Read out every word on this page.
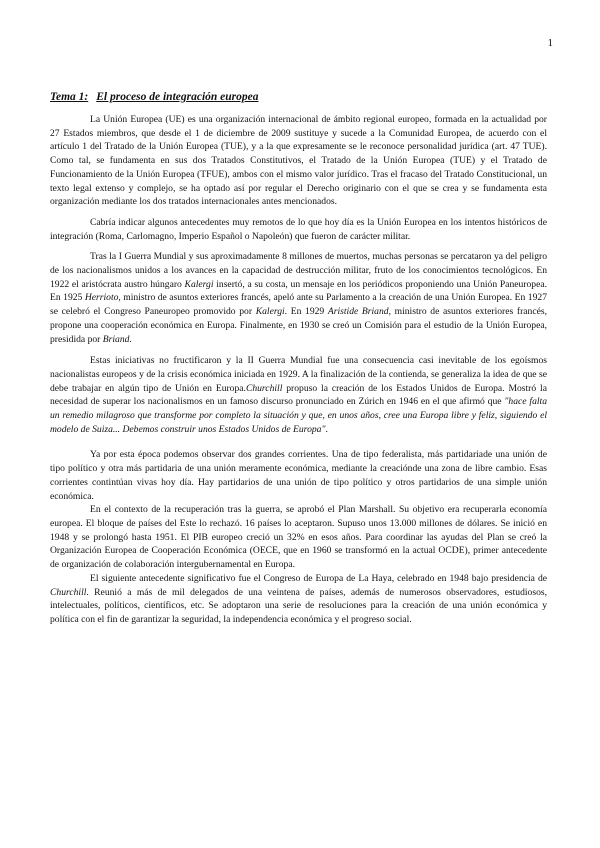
1
Tema 1: El proceso de integración europea

La Unión Europea (UE) es una organización internacional de ámbito regional europeo, formada en la actualidad por 27 Estados miembros, que desde el 1 de diciembre de 2009 sustituye y sucede a la Comunidad Europea, de acuerdo con el artículo 1 del Tratado de la Unión Europea (TUE), y a la que expresamente se le reconoce personalidad jurídica (art. 47 TUE). Como tal, se fundamenta en sus dos Tratados Constitutivos, el Tratado de la Unión Europea (TUE) y el Tratado de Funcionamiento de la Unión Europea (TFUE), ambos con el mismo valor jurídico. Tras el fracaso del Tratado Constitucional, un texto legal extenso y complejo, se ha optado así por regular el Derecho originario con el que se crea y se fundamenta esta organización mediante los dos tratados internacionales antes mencionados.

Cabría indicar algunos antecedentes muy remotos de lo que hoy día es la Unión Europea en los intentos históricos de integración (Roma, Carlomagno, Imperio Español o Napoleón) que fueron de carácter militar.

Tras la I Guerra Mundial y sus aproximadamente 8 millones de muertos, muchas personas se percataron ya del peligro de los nacionalismos unidos a los avances en la capacidad de destrucción militar, fruto de los conocimientos tecnológicos. En 1922 el aristócrata austro húngaro Kalergi insertó, a su costa, un mensaje en los periódicos proponiendo una Unión Paneuropea. En 1925 Herrioto, ministro de asuntos exteriores francés, apeló ante su Parlamento a la creación de una Unión Europea. En 1927 se celebró el Congreso Paneuropeo promovido por Kalergi. En 1929 Aristide Briand, ministro de asuntos exteriores francés, propone una cooperación económica en Europa. Finalmente, en 1930 se creó un Comisión para el estudio de la Unión Europea, presidida por Briand.

Estas iniciativas no fructificaron y la II Guerra Mundial fue una consecuencia casi inevitable de los egoísmos nacionalistas europeos y de la crisis económica iniciada en 1929. A la finalización de la contienda, se generaliza la idea de que se debe trabajar en algún tipo de Unión en Europa.Churchill propuso la creación de los Estados Unidos de Europa. Mostró la necesidad de superar los nacionalismos en un famoso discurso pronunciado en Zúrich en 1946 en el que afirmó que "hace falta un remedio milagroso que transforme por completo la situación y que, en unos años, cree una Europa libre y feliz, siguiendo el modelo de Suiza... Debemos construir unos Estados Unidos de Europa".

Ya por esta época podemos observar dos grandes corrientes. Una de tipo federalista, más partidariade una unión de tipo político y otra más partidaria de una unión meramente económica, mediante la creaciónde una zona de libre cambio. Esas corrientes contintúan vivas hoy día. Hay partidarios de una unión de tipo político y otros partidarios de una simple unión económica.

En el contexto de la recuperación tras la guerra, se aprobó el Plan Marshall. Su objetivo era recuperarla economía europea. El bloque de países del Este lo rechazó. 16 países lo aceptaron. Supuso unos 13.000 millones de dólares. Se inició en 1948 y se prolongó hasta 1951. El PIB europeo creció un 32% en esos años. Para coordinar las ayudas del Plan se creó la Organización Europea de Cooperación Económica (OECE, que en 1960 se transformó en la actual OCDE), primer antecedente de organización de colaboración intergubernamental en Europa.

El siguiente antecedente significativo fue el Congreso de Europa de La Haya, celebrado en 1948 bajo presidencia de Churchill. Reunió a más de mil delegados de una veintena de países, además de numerosos observadores, estudiosos, intelectuales, políticos, científicos, etc. Se adoptaron una serie de resoluciones para la creación de una unión económica y política con el fin de garantizar la seguridad, la independencia económica y el progreso social.
